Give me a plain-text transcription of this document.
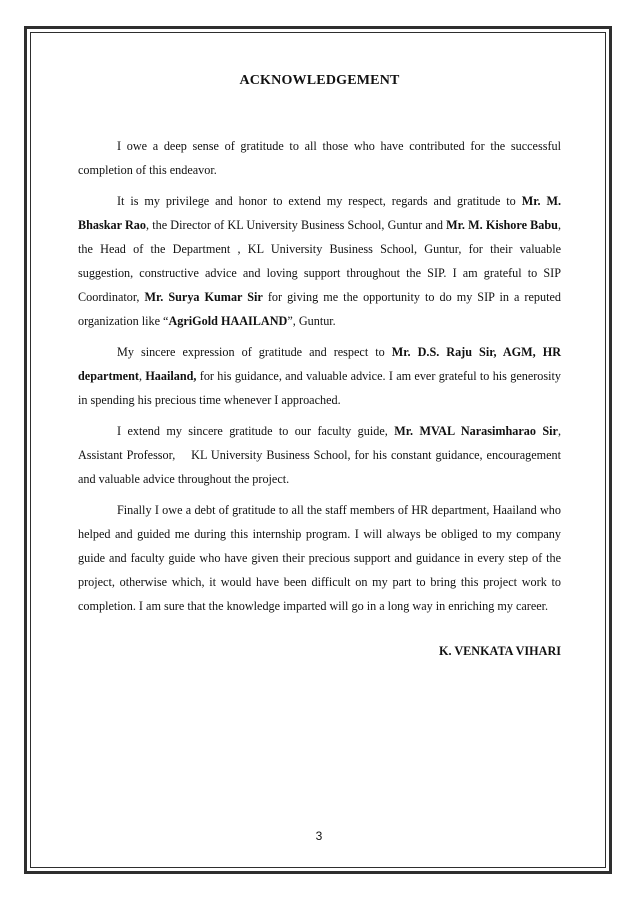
ACKNOWLEDGEMENT

I owe a deep sense of gratitude to all those who have contributed for the successful completion of this endeavor.

It is my privilege and honor to extend my respect, regards and gratitude to Mr. M. Bhaskar Rao, the Director of KL University Business School, Guntur and Mr. M. Kishore Babu, the Head of the Department , KL University Business School, Guntur, for their valuable suggestion, constructive advice and loving support throughout the SIP. I am grateful to SIP Coordinator, Mr. Surya Kumar Sir for giving me the opportunity to do my SIP in a reputed organization like “AgriGold HAAILAND”, Guntur.

My sincere expression of gratitude and respect to Mr. D.S. Raju Sir, AGM, HR department, Haailand, for his guidance, and valuable advice. I am ever grateful to his generosity in spending his precious time whenever I approached.

I extend my sincere gratitude to our faculty guide, Mr. MVAL Narasimharao Sir, Assistant Professor,    KL University Business School, for his constant guidance, encouragement and valuable advice throughout the project.

Finally I owe a debt of gratitude to all the staff members of HR department, Haailand who helped and guided me during this internship program. I will always be obliged to my company guide and faculty guide who have given their precious support and guidance in every step of the project, otherwise which, it would have been difficult on my part to bring this project work to completion. I am sure that the knowledge imparted will go in a long way in enriching my career.

K. VENKATA VIHARI
3
